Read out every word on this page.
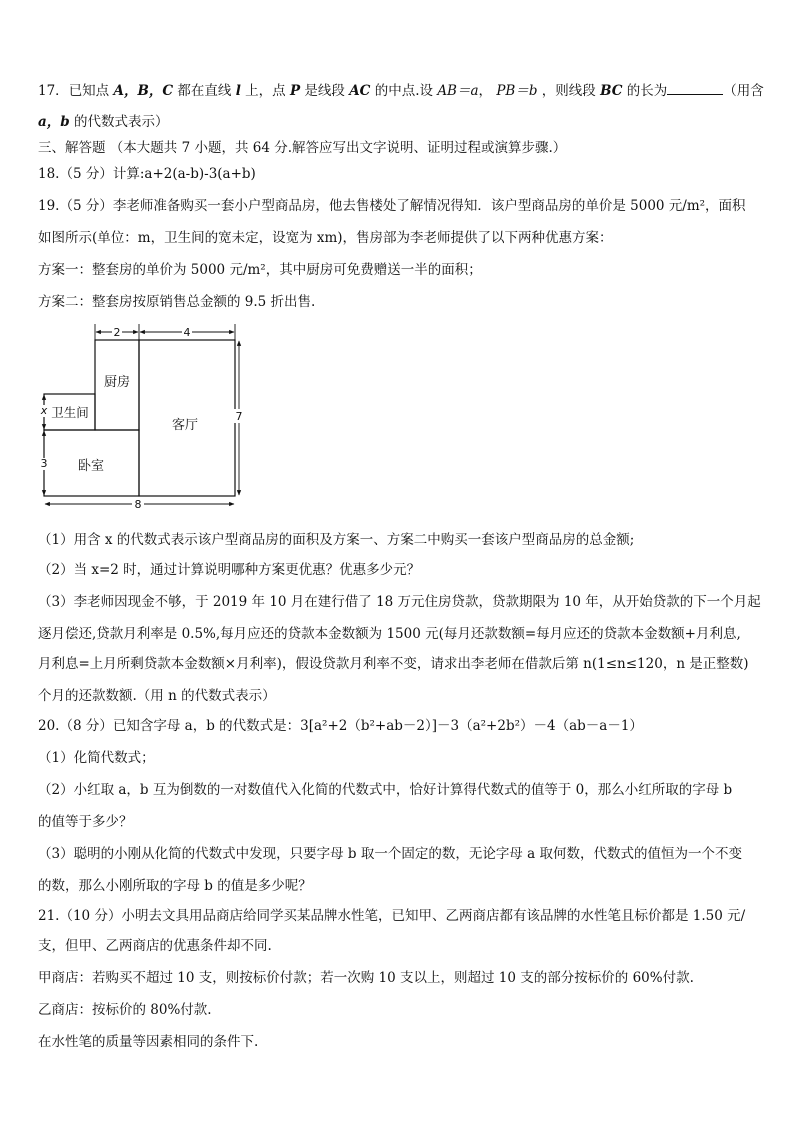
17．已知点 A，B，C 都在直线 l 上，点 P 是线段 AC 的中点.设 AB＝a， PB＝b ，则线段 BC 的长为	（用含
a，b 的代数式表示）
三、解答题 （本大题共 7 小题，共 64 分.解答应写出文字说明、证明过程或演算步骤.）
18.（5 分）计算:a+2(a-b)-3(a+b)
19.（5 分）李老师准备购买一套小户型商品房，他去售楼处了解情况得知．该户型商品房的单价是 5000 元/m²，面积
如图所示(单位：m，卫生间的宽未定，设宽为 xm)，售房部为李老师提供了以下两种优惠方案：
方案一：整套房的单价为 5000 元/m²，其中厨房可免费赠送一半的面积；
方案二：整套房按原销售总金额的 9.5 折出售.
厨房
卫生间
客厅
卧室
2	4
7
8
x
3
（1）用含 x 的代数式表示该户型商品房的面积及方案一、方案二中购买一套该户型商品房的总金额;
（2）当 x=2 时，通过计算说明哪种方案更优惠？优惠多少元？
（3）李老师因现金不够，于 2019 年 10 月在建行借了 18 万元住房贷款，贷款期限为 10 年，从开始贷款的下一个月起
逐月偿还,贷款月利率是 0.5%,每月应还的贷款本金数额为 1500 元(每月还款数额=每月应还的贷款本金数额+月利息,
月利息=上月所剩贷款本金数额×月利率)，假设贷款月利率不变，请求出李老师在借款后第 n(1≤n≤120，n 是正整数)
个月的还款数额.（用 n 的代数式表示）
20.（8 分）已知含字母 a，b 的代数式是：3[a²+2（b²+ab－2）]－3（a²+2b²）－4（ab－a－1）
（1）化简代数式；
（2）小红取 a，b 互为倒数的一对数值代入化简的代数式中，恰好计算得代数式的值等于 0，那么小红所取的字母 b
的值等于多少？
（3）聪明的小刚从化简的代数式中发现，只要字母 b 取一个固定的数，无论字母 a 取何数，代数式的值恒为一个不变
的数，那么小刚所取的字母 b 的值是多少呢？
21.（10 分）小明去文具用品商店给同学买某品牌水性笔，已知甲、乙两商店都有该品牌的水性笔且标价都是 1.50 元/
支，但甲、乙两商店的优惠条件却不同.
甲商店：若购买不超过 10 支，则按标价付款；若一次购 10 支以上，则超过 10 支的部分按标价的 60%付款.
乙商店：按标价的 80%付款.
在水性笔的质量等因素相同的条件下.
